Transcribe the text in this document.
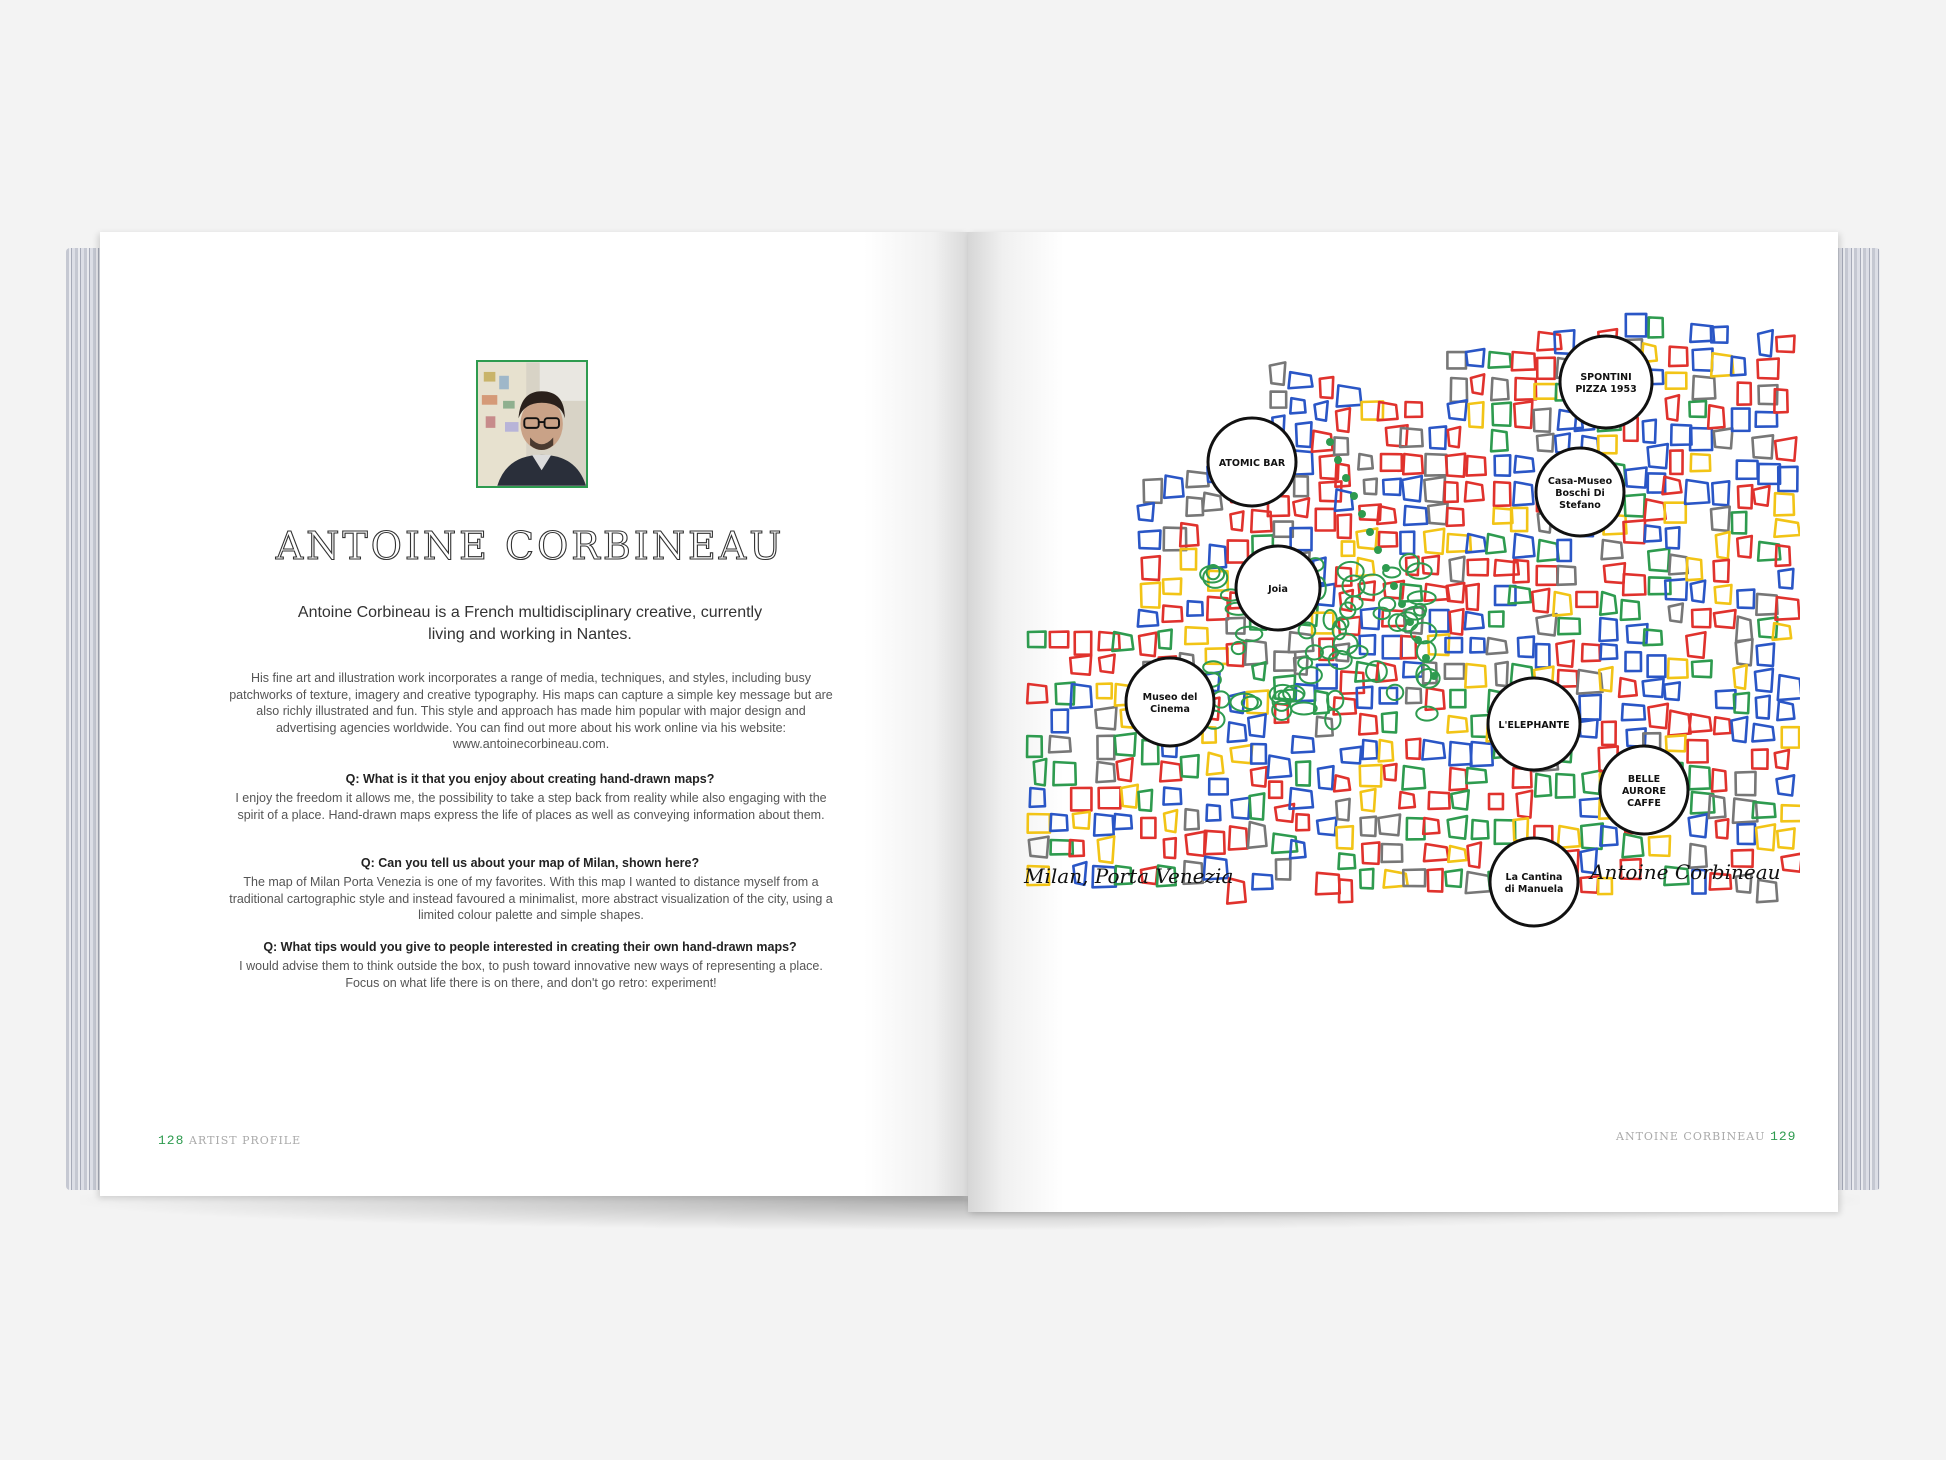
ANTOINE CORBINEAU
Antoine Corbineau is a French multidisciplinary creative, currently living and working in Nantes.
His fine art and illustration work incorporates a range of media, techniques, and styles, including busy patchworks of texture, imagery and creative typography. His maps can capture a simple key message but are also richly illustrated and fun. This style and approach has made him popular with major design and advertising agencies worldwide. You can find out more about his work online via his website: www.antoinecorbineau.com.
Q: What is it that you enjoy about creating hand-drawn maps?
I enjoy the freedom it allows me, the possibility to take a step back from reality while also engaging with the spirit of a place. Hand-drawn maps express the life of places as well as conveying information about them.
Q: Can you tell us about your map of Milan, shown here?
The map of Milan Porta Venezia is one of my favorites. With this map I wanted to distance myself from a traditional cartographic style and instead favoured a minimalist, more abstract visualization of the city, using a limited colour palette and simple shapes.
Q: What tips would you give to people interested in creating their own hand-drawn maps?
I would advise them to think outside the box, to push toward innovative new ways of representing a place. Focus on what life there is on there, and don't go retro: experiment!
128 ARTIST PROFILE
SPONTINI
PIZZA 1953
ATOMIC BAR
Casa-Museo
Boschi Di
Stefano
Joia
Museo del
Cinema
L'ELEPHANTE
BELLE
AURORE
CAFFE
La Cantina
di Manuela
Milan, Porta Venezia	Antoine Corbineau
ANTOINE CORBINEAU 129
